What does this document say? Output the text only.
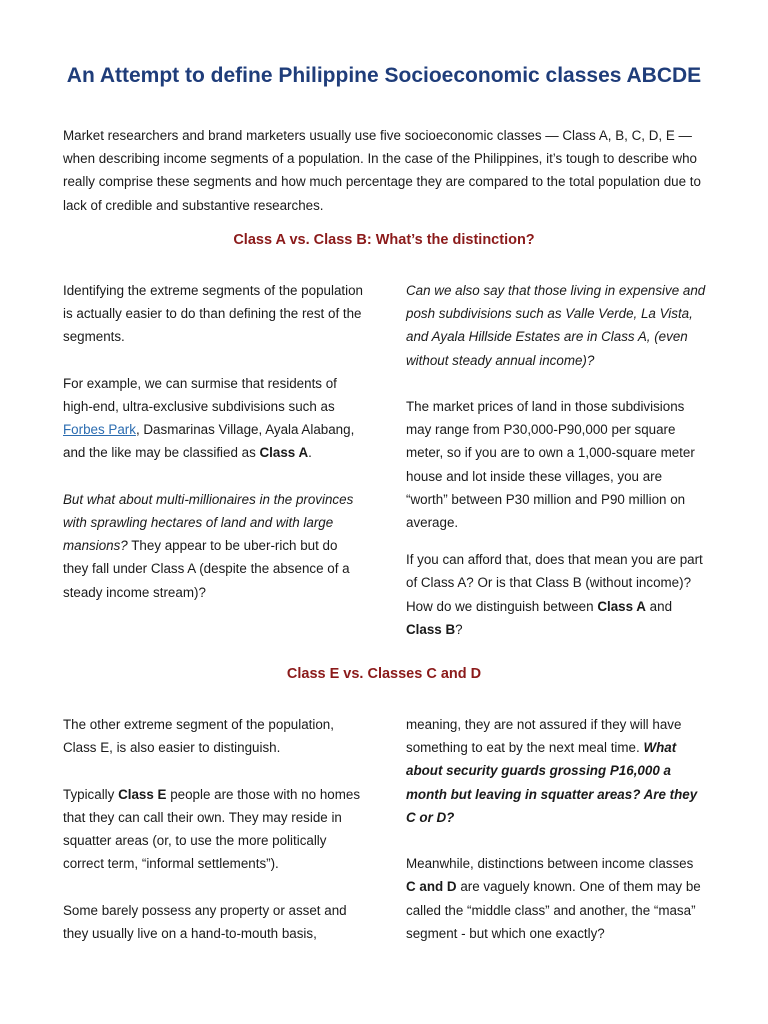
An Attempt to define Philippine Socioeconomic classes ABCDE

Market researchers and brand marketers usually use five socioeconomic classes — Class A, B, C, D, E — when describing income segments of a population. In the case of the Philippines, it’s tough to describe who really comprise these segments and how much percentage they are compared to the total population due to lack of credible and substantive researches.

Class A vs. Class B: What’s the distinction?

Identifying the extreme segments of the population is actually easier to do than defining the rest of the segments.

For example, we can surmise that residents of high-end, ultra-exclusive subdivisions such as Forbes Park, Dasmarinas Village, Ayala Alabang, and the like may be classified as Class A.

But what about multi-millionaires in the provinces with sprawling hectares of land and with large mansions? They appear to be uber-rich but do they fall under Class A (despite the absence of a steady income stream)?

Can we also say that those living in expensive and posh subdivisions such as Valle Verde, La Vista, and Ayala Hillside Estates are in Class A, (even without steady annual income)?

The market prices of land in those subdivisions may range from P30,000-P90,000 per square meter, so if you are to own a 1,000-square meter house and lot inside these villages, you are “worth” between P30 million and P90 million on average.

If you can afford that, does that mean you are part of Class A? Or is that Class B (without income)? How do we distinguish between Class A and Class B?

Class E vs. Classes C and D

The other extreme segment of the population, Class E, is also easier to distinguish.

Typically Class E people are those with no homes that they can call their own. They may reside in squatter areas (or, to use the more politically correct term, “informal settlements”).

Some barely possess any property or asset and they usually live on a hand-to-mouth basis,

meaning, they are not assured if they will have something to eat by the next meal time. What about security guards grossing P16,000 a month but leaving in squatter areas? Are they C or D?

Meanwhile, distinctions between income classes C and D are vaguely known. One of them may be called the “middle class” and another, the “masa” segment - but which one exactly?
